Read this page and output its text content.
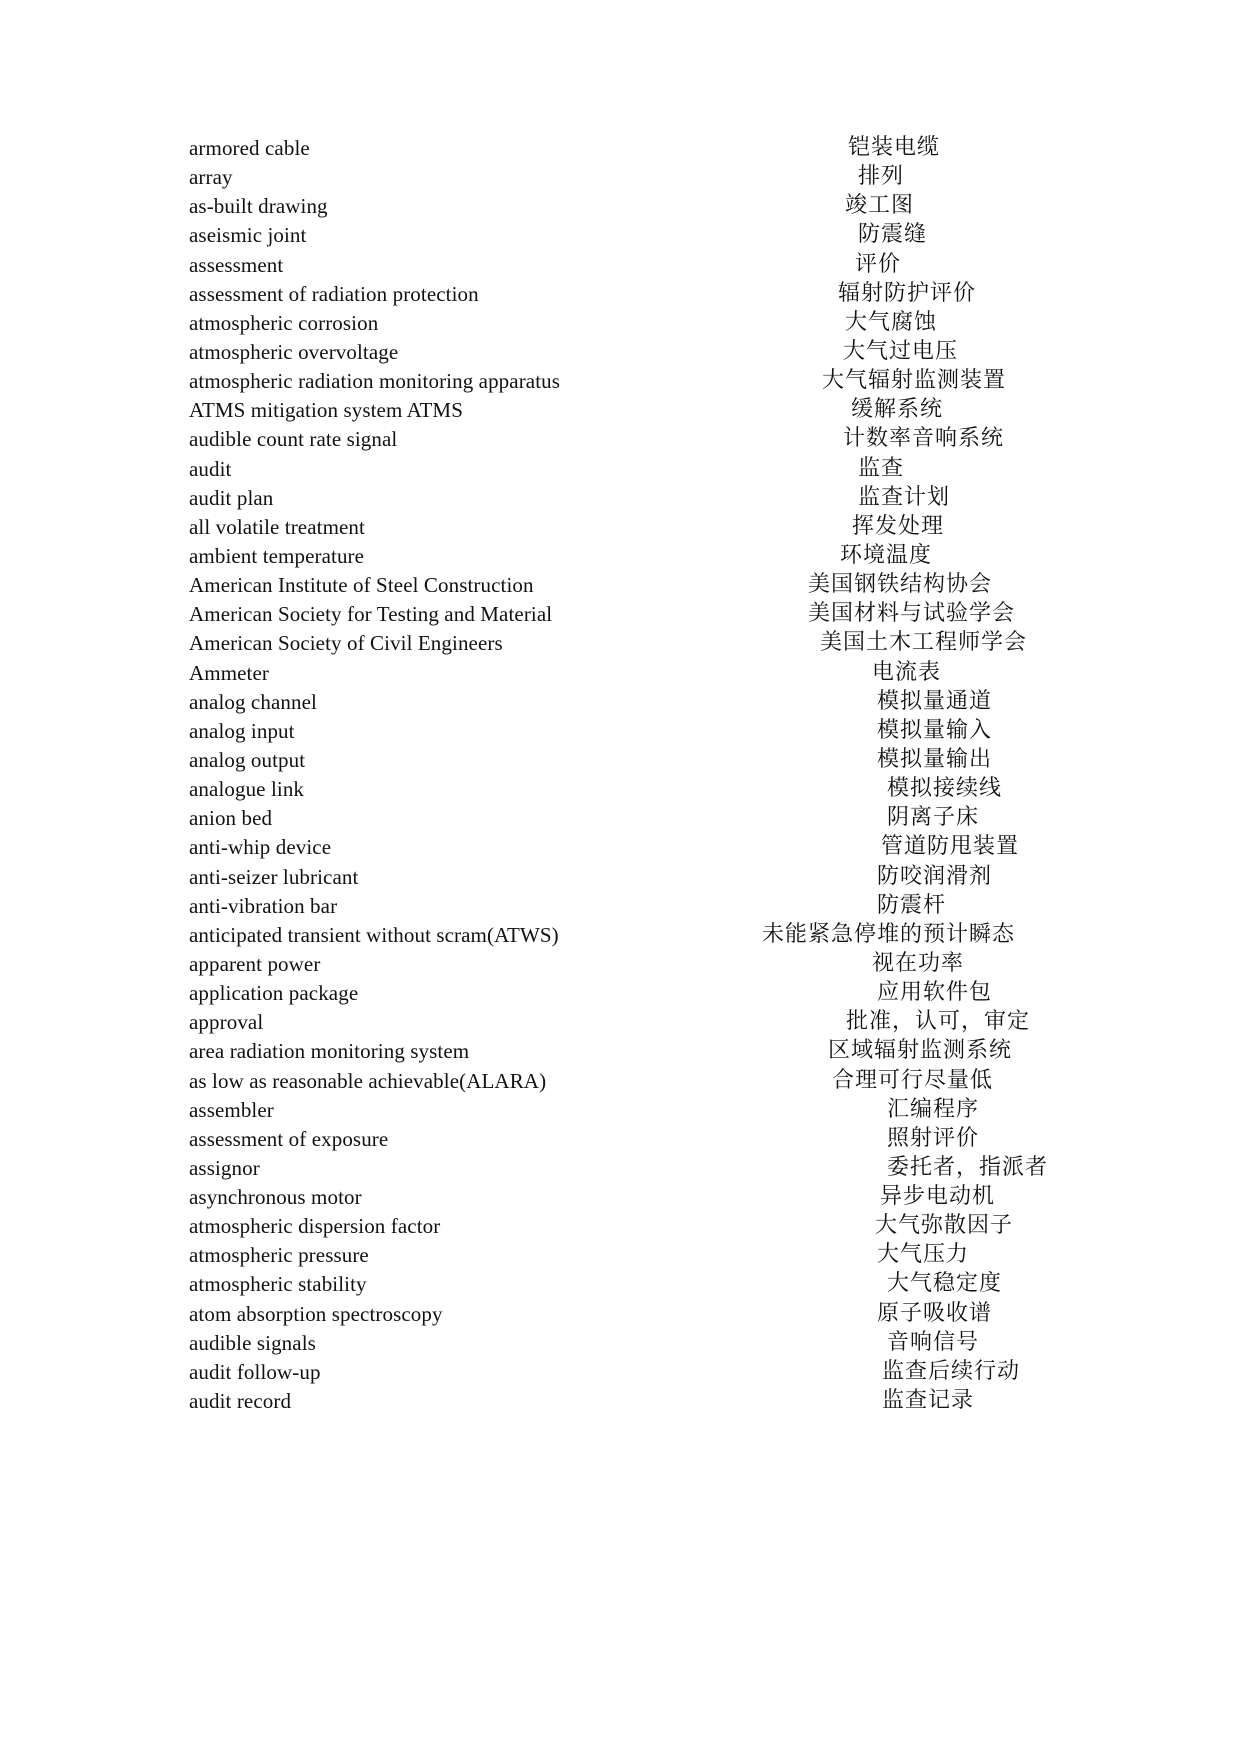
armored cable	铠装电缆
array	排列
as-built drawing	竣工图
aseismic joint	防震缝
assessment	评价
assessment of radiation protection	辐射防护评价
atmospheric corrosion	大气腐蚀
atmospheric overvoltage	大气过电压
atmospheric radiation monitoring apparatus	大气辐射监测装置
ATMS mitigation system ATMS	缓解系统
audible count rate signal	计数率音响系统
audit	监查
audit plan	监查计划
all volatile treatment	挥发处理
ambient temperature	环境温度
American Institute of Steel Construction	美国钢铁结构协会
American Society for Testing and Material	美国材料与试验学会
American Society of Civil Engineers	美国土木工程师学会
Ammeter	电流表
analog channel	模拟量通道
analog input	模拟量输入
analog output	模拟量输出
analogue link	模拟接续线
anion bed	阴离子床
anti-whip device	管道防甩装置
anti-seizer lubricant	防咬润滑剂
anti-vibration bar	防震杆
anticipated transient without scram(ATWS)	未能紧急停堆的预计瞬态
apparent power	视在功率
application package	应用软件包
approval	批准，认可，审定
area radiation monitoring system	区域辐射监测系统
as low as reasonable achievable(ALARA)	合理可行尽量低
assembler	汇编程序
assessment of exposure	照射评价
assignor	委托者，指派者
asynchronous motor	异步电动机
atmospheric dispersion factor	大气弥散因子
atmospheric pressure	大气压力
atmospheric stability	大气稳定度
atom absorption spectroscopy	原子吸收谱
audible signals	音响信号
audit follow-up	监查后续行动
audit record	监查记录
